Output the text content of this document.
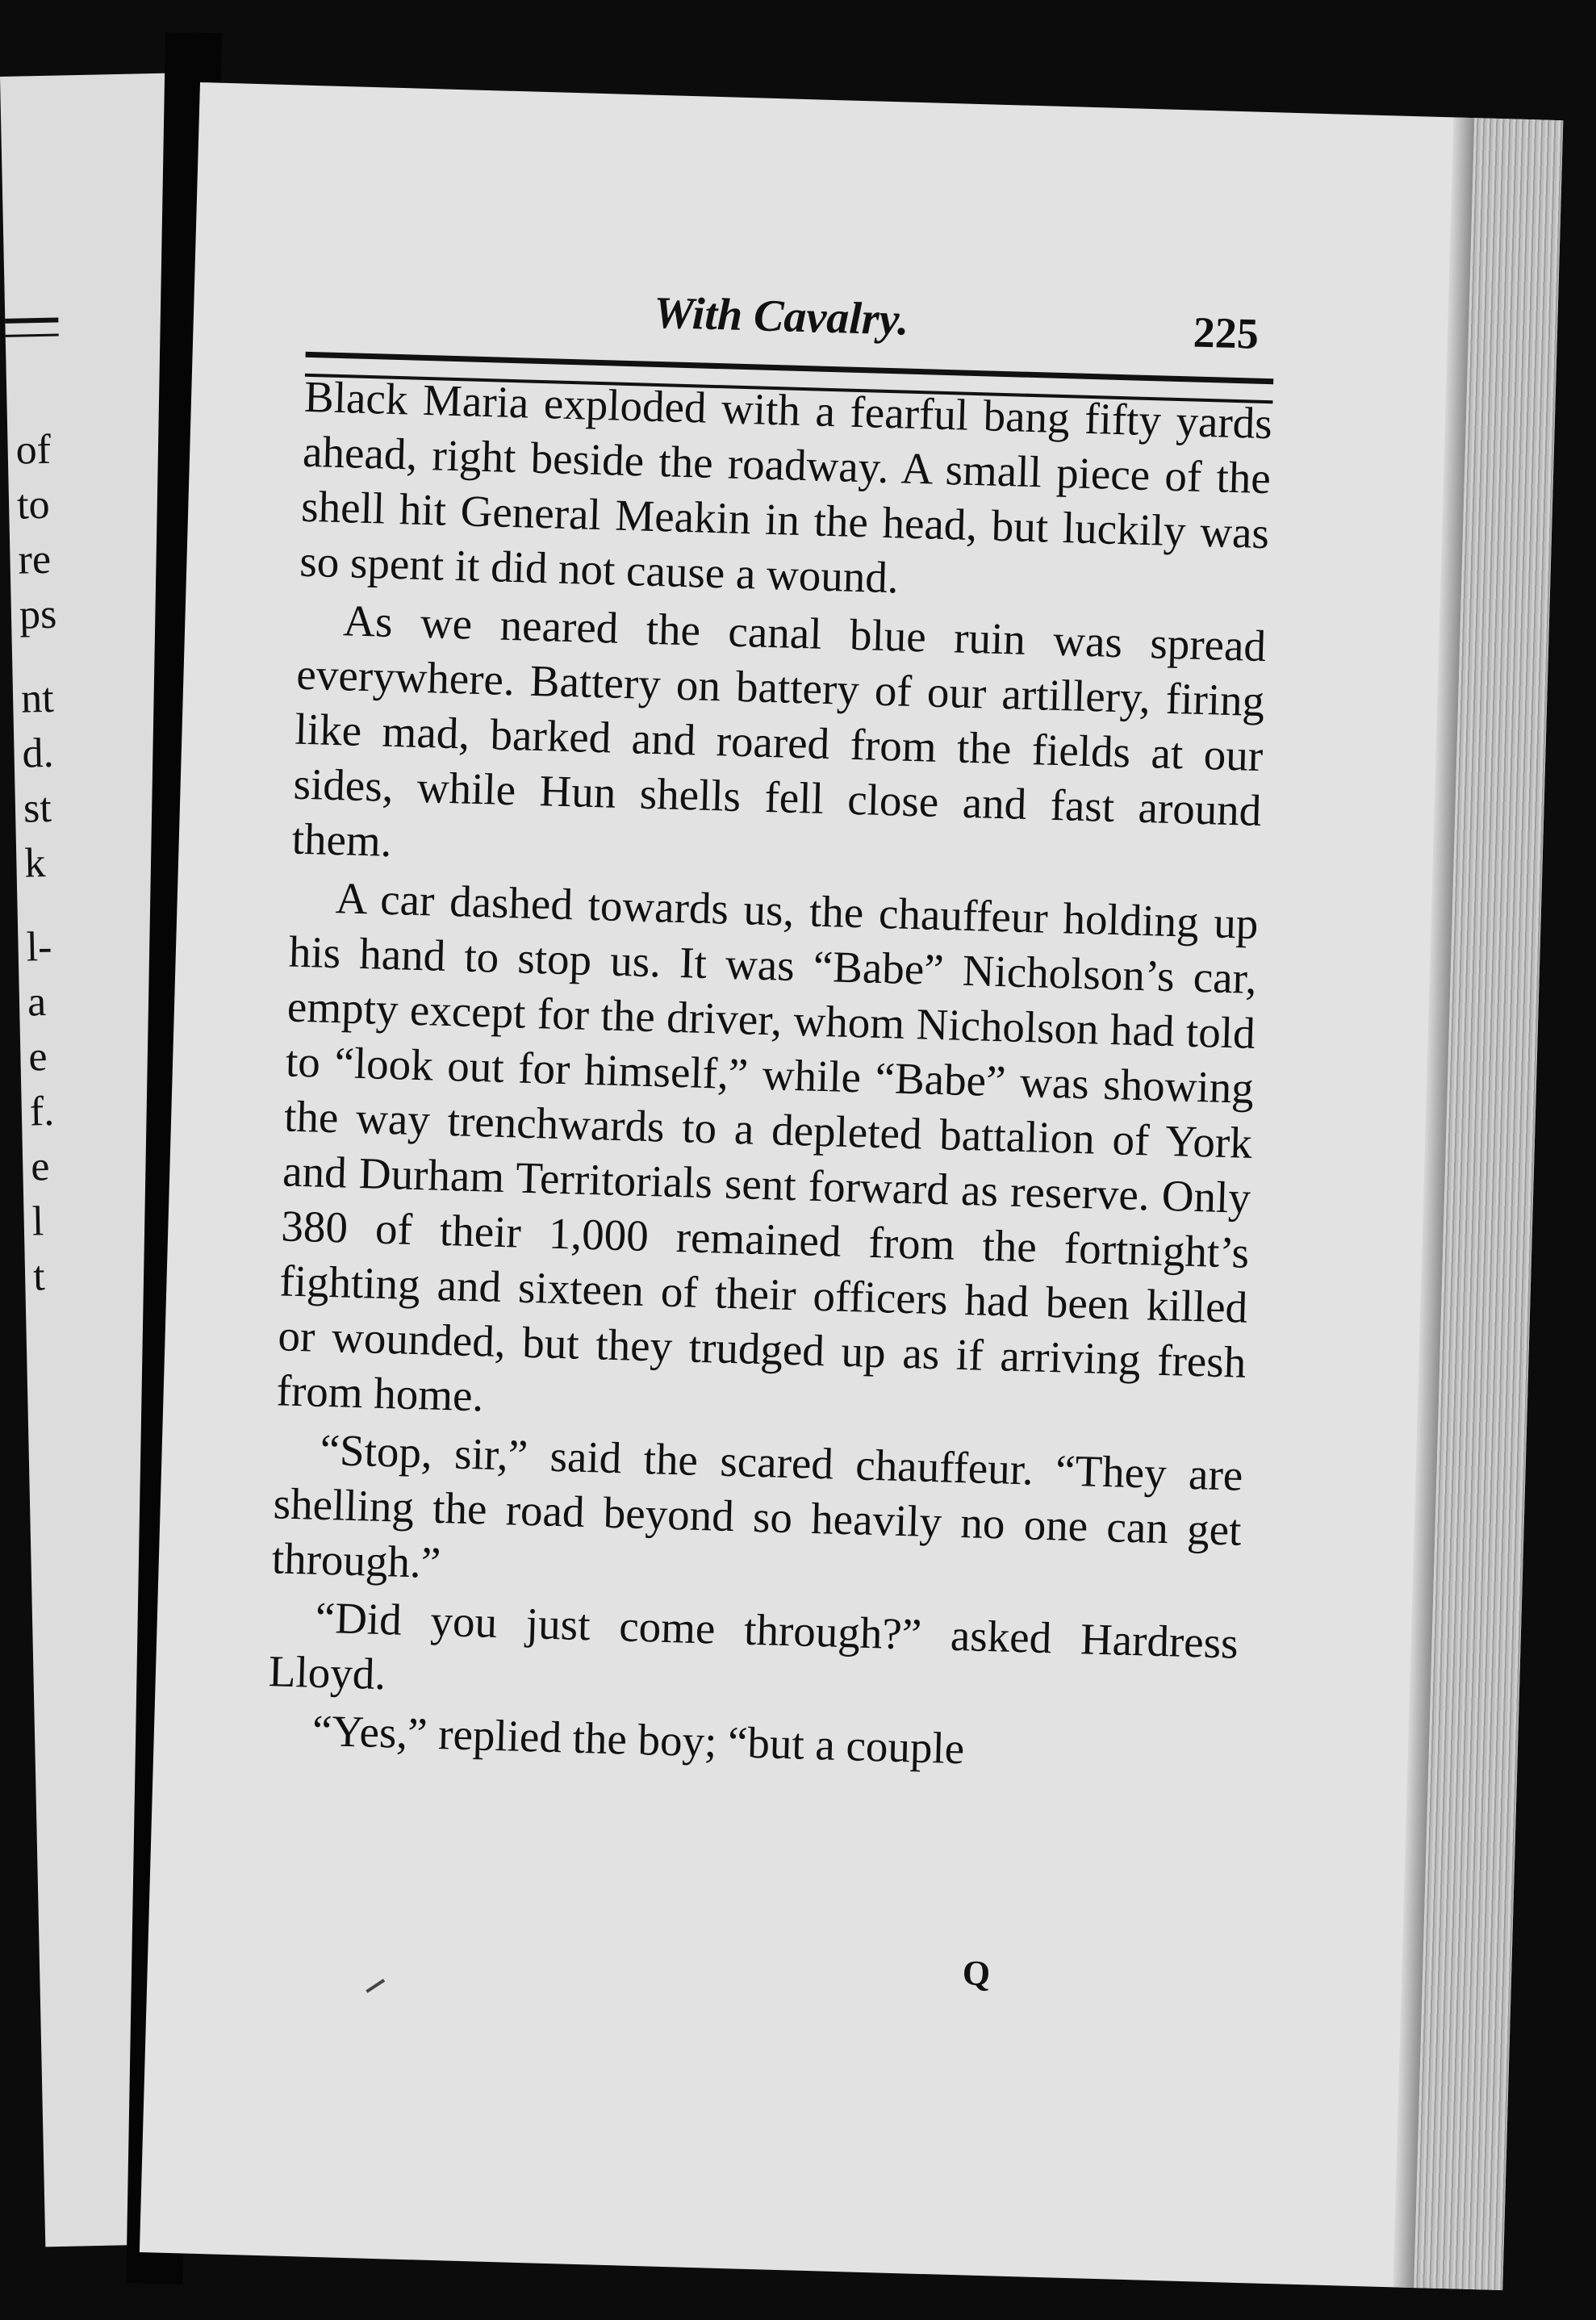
of
to
re
ps
nt
d.
st
k
l-
a
e
f.
e
l
t
With Cavalry.	225

Black Maria exploded with a fearful bang fifty yards ahead, right beside the roadway. A small piece of the shell hit General Meakin in the head, but luckily was so spent it did not cause a wound.

As we neared the canal blue ruin was spread everywhere. Battery on battery of our artillery, firing like mad, barked and roared from the fields at our sides, while Hun shells fell close and fast around them.

A car dashed towards us, the chauffeur holding up his hand to stop us. It was “Babe” Nicholson’s car, empty except for the driver, whom Nicholson had told to “look out for himself,” while “Babe” was showing the way trenchwards to a depleted battalion of York and Durham Territorials sent forward as reserve. Only 380 of their 1,000 remained from the fortnight’s fighting and sixteen of their officers had been killed or wounded, but they trudged up as if arriving fresh from home.

“Stop, sir,” said the scared chauffeur. “They are shelling the road beyond so heavily no one can get through.”

“Did you just come through?” asked Hardress Lloyd.

“Yes,” replied the boy; “but a couple

Q
